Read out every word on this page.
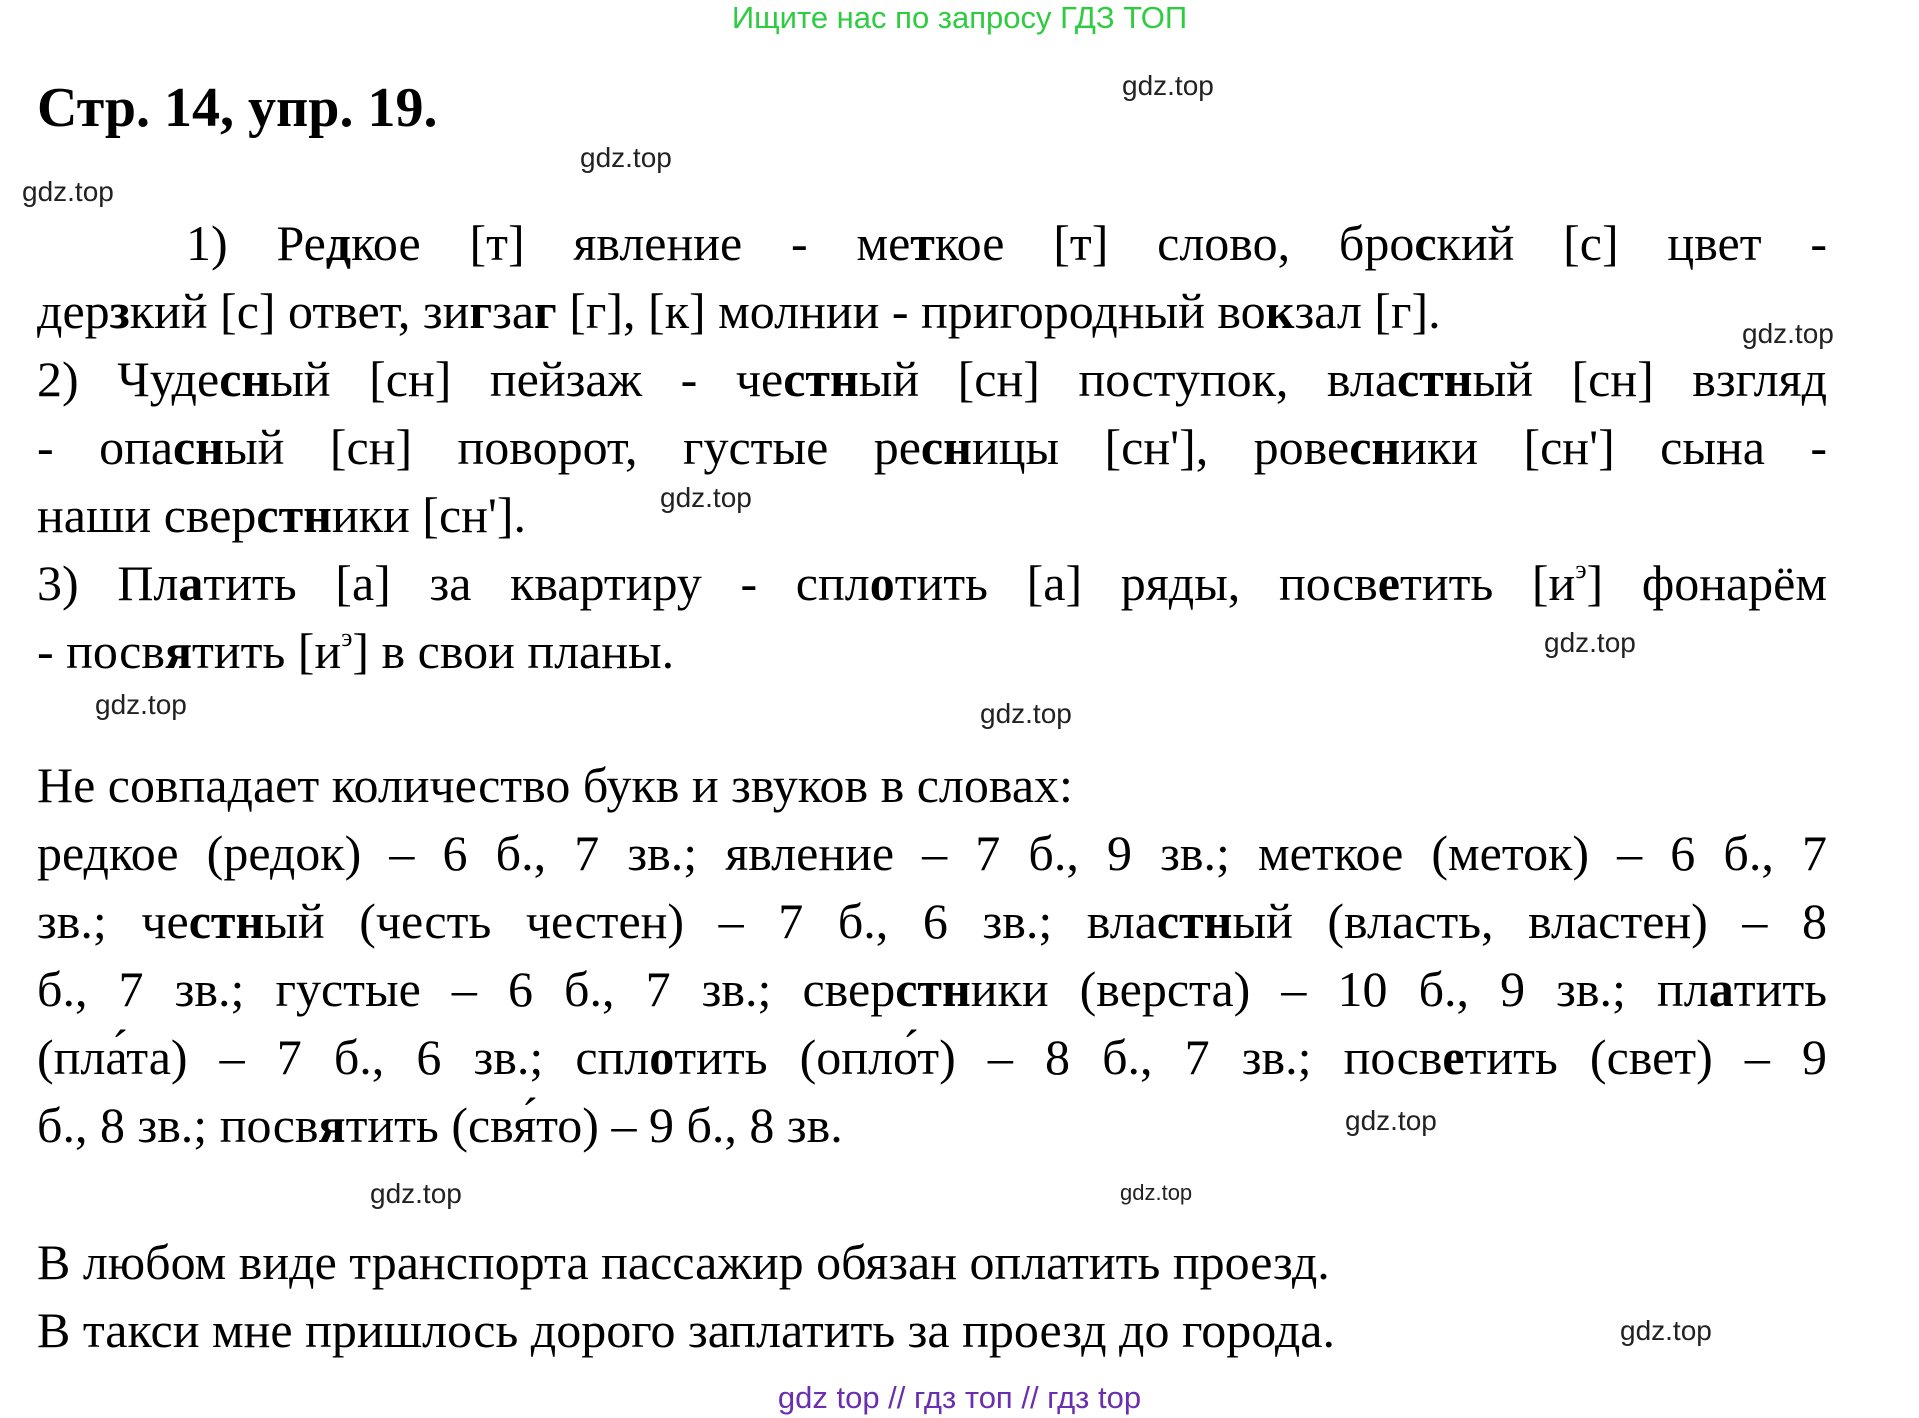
Ищите нас по запросу ГДЗ ТОП
Стр. 14, упр. 19.
1) Редкое [т] явление - меткое [т] слово, броский [с] цвет -
дерзкий [с] ответ, зигзаг [г], [к] молнии - пригородный вокзал [г].
2) Чудесный [сн] пейзаж - честный [сн] поступок, властный [сн] взгляд
- опасный [сн] поворот, густые ресницы [сн'], ровесники [сн'] сына -
наши сверстники [сн'].
3) Платить [а] за квартиру - сплотить [а] ряды, посветить $[и^э]$ фонарём
- посвятить $[и^э]$ в свои планы.
Не совпадает количество букв и звуков в словах:
редкое (редок) – 6 б., 7 зв.; явление – 7 б., 9 зв.; меткое (меток) – 6 б., 7
зв.; честный (честь честен) – 7 б., 6 зв.; властный (власть, властен) – 8
б., 7 зв.; густые – 6 б., 7 зв.; сверстники (верста) – 10 б., 9 зв.; платить
(пла́та) – 7 б., 6 зв.; сплотить (опло́т) – 8 б., 7 зв.; посветить (свет) – 9
б., 8 зв.; посвятить (свя́то) – 9 б., 8 зв.
В любом виде транспорта пассажир обязан оплатить проезд.
В такси мне пришлось дорого заплатить за проезд до города.
gdz.top
gdz.top
gdz.top
gdz.top
gdz.top
gdz.top
gdz.top	gdz.top
gdz.top
gdz.top
gdz.top
gdz.top
gdz top // гдз топ // гдз top
